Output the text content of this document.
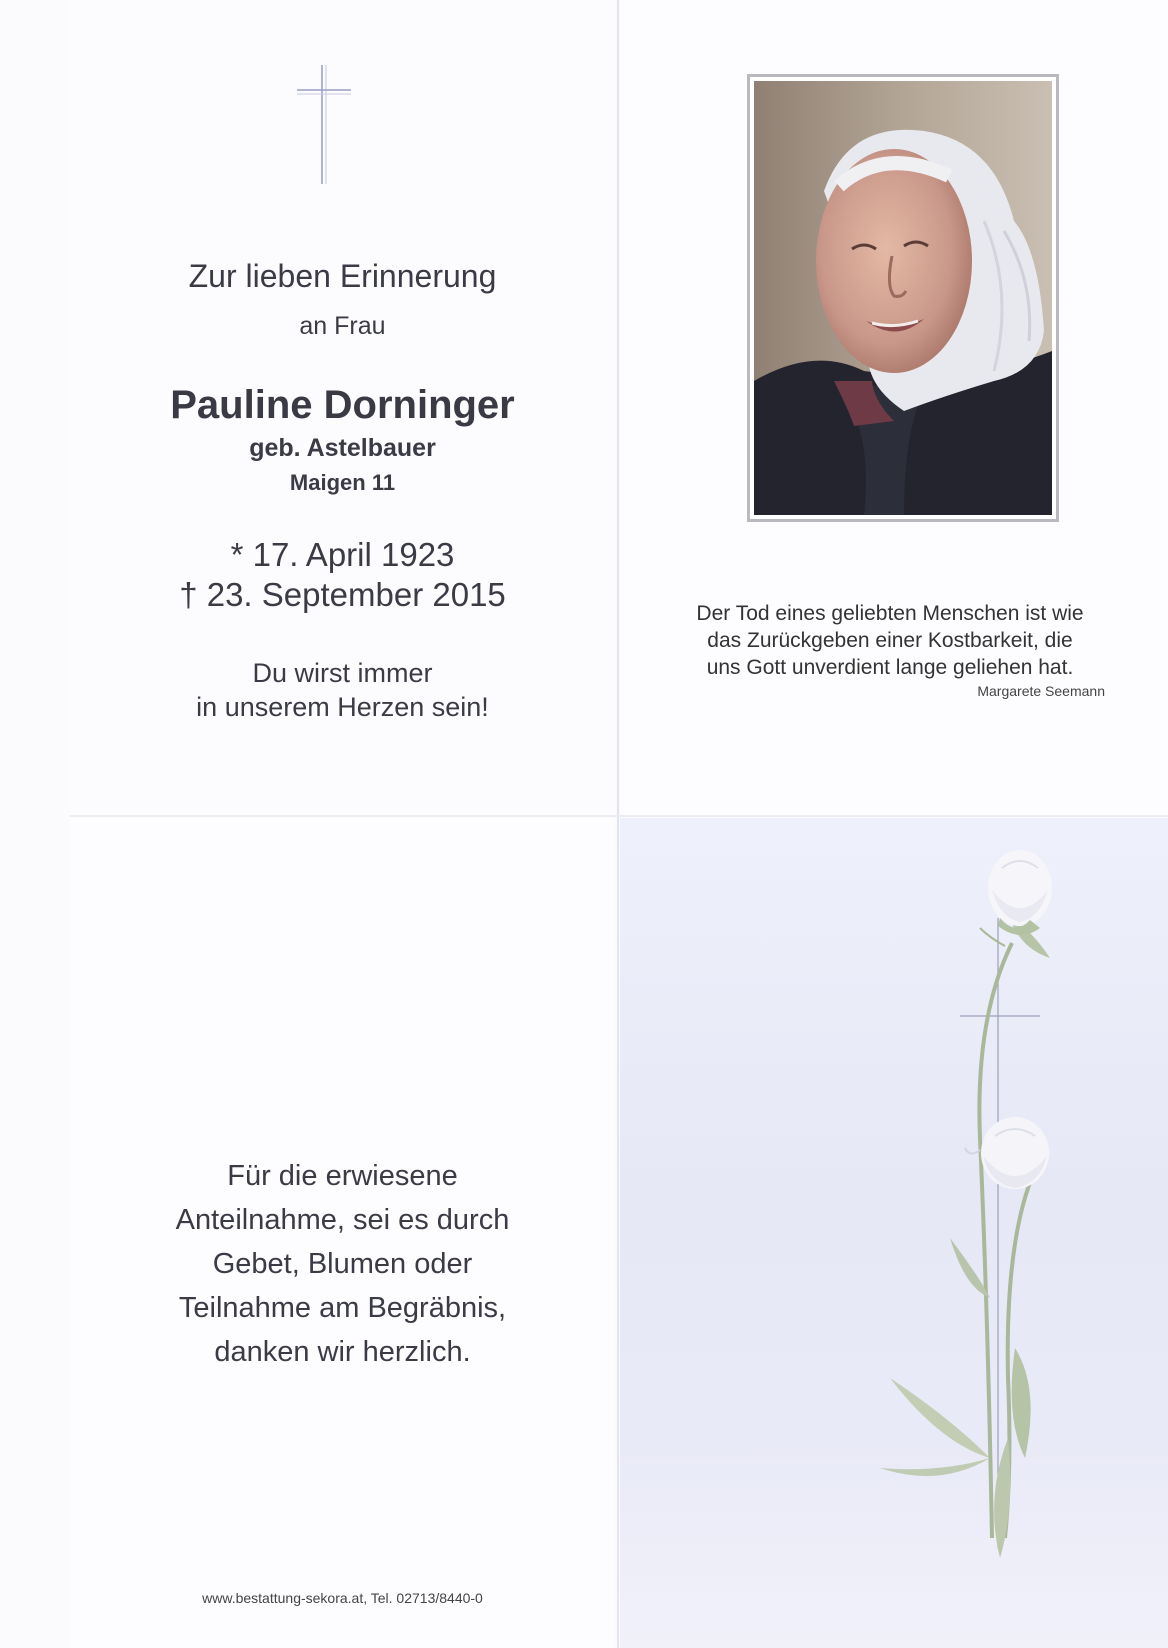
Zur lieben Erinnerung
an Frau
Pauline Dorninger
geb. Astelbauer
Maigen 11
* 17. April 1923
† 23. September 2015
Du wirst immer
in unserem Herzen sein!
Der Tod eines geliebten Menschen ist wie
das Zurückgeben einer Kostbarkeit, die
uns Gott unverdient lange geliehen hat.
Margarete Seemann
Für die erwiesene
Anteilnahme, sei es durch
Gebet, Blumen oder
Teilnahme am Begräbnis,
danken wir herzlich.
www.bestattung-sekora.at, Tel. 02713/8440-0
